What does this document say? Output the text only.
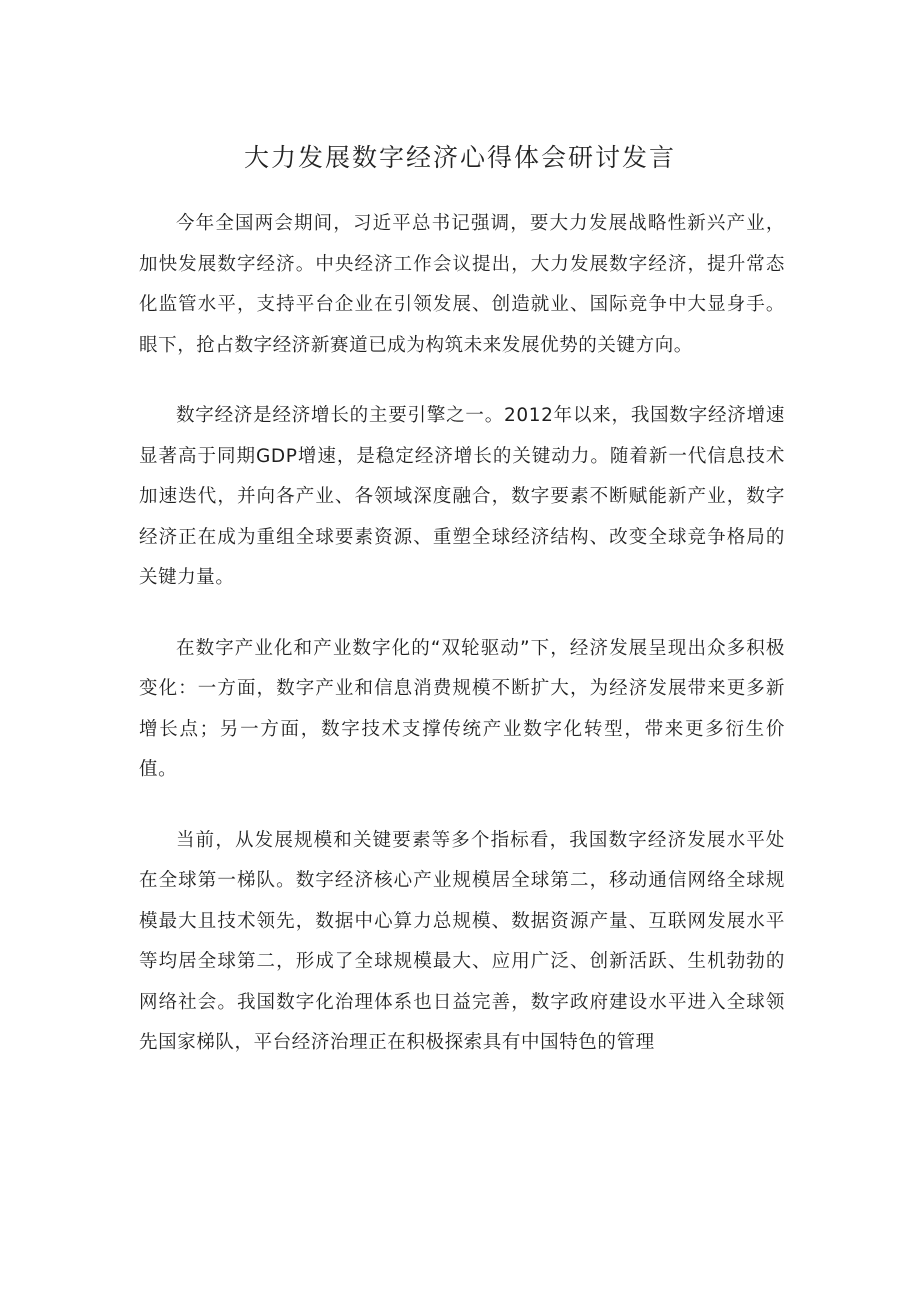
大力发展数字经济心得体会研讨发言

今年全国两会期间，习近平总书记强调，要大力发展战略性新兴产业，加快发展数字经济。中央经济工作会议提出，大力发展数字经济，提升常态化监管水平，支持平台企业在引领发展、创造就业、国际竞争中大显身手。眼下，抢占数字经济新赛道已成为构筑未来发展优势的关键方向。

数字经济是经济增长的主要引擎之一。2012年以来，我国数字经济增速显著高于同期GDP增速，是稳定经济增长的关键动力。随着新一代信息技术加速迭代，并向各产业、各领域深度融合，数字要素不断赋能新产业，数字经济正在成为重组全球要素资源、重塑全球经济结构、改变全球竞争格局的关键力量。

在数字产业化和产业数字化的“双轮驱动”下，经济发展呈现出众多积极变化：一方面，数字产业和信息消费规模不断扩大，为经济发展带来更多新增长点；另一方面，数字技术支撑传统产业数字化转型，带来更多衍生价值。

当前，从发展规模和关键要素等多个指标看，我国数字经济发展水平处在全球第一梯队。数字经济核心产业规模居全球第二，移动通信网络全球规模最大且技术领先，数据中心算力总规模、数据资源产量、互联网发展水平等均居全球第二，形成了全球规模最大、应用广泛、创新活跃、生机勃勃的网络社会。我国数字化治理体系也日益完善，数字政府建设水平进入全球领先国家梯队，平台经济治理正在积极探索具有中国特色的管理
